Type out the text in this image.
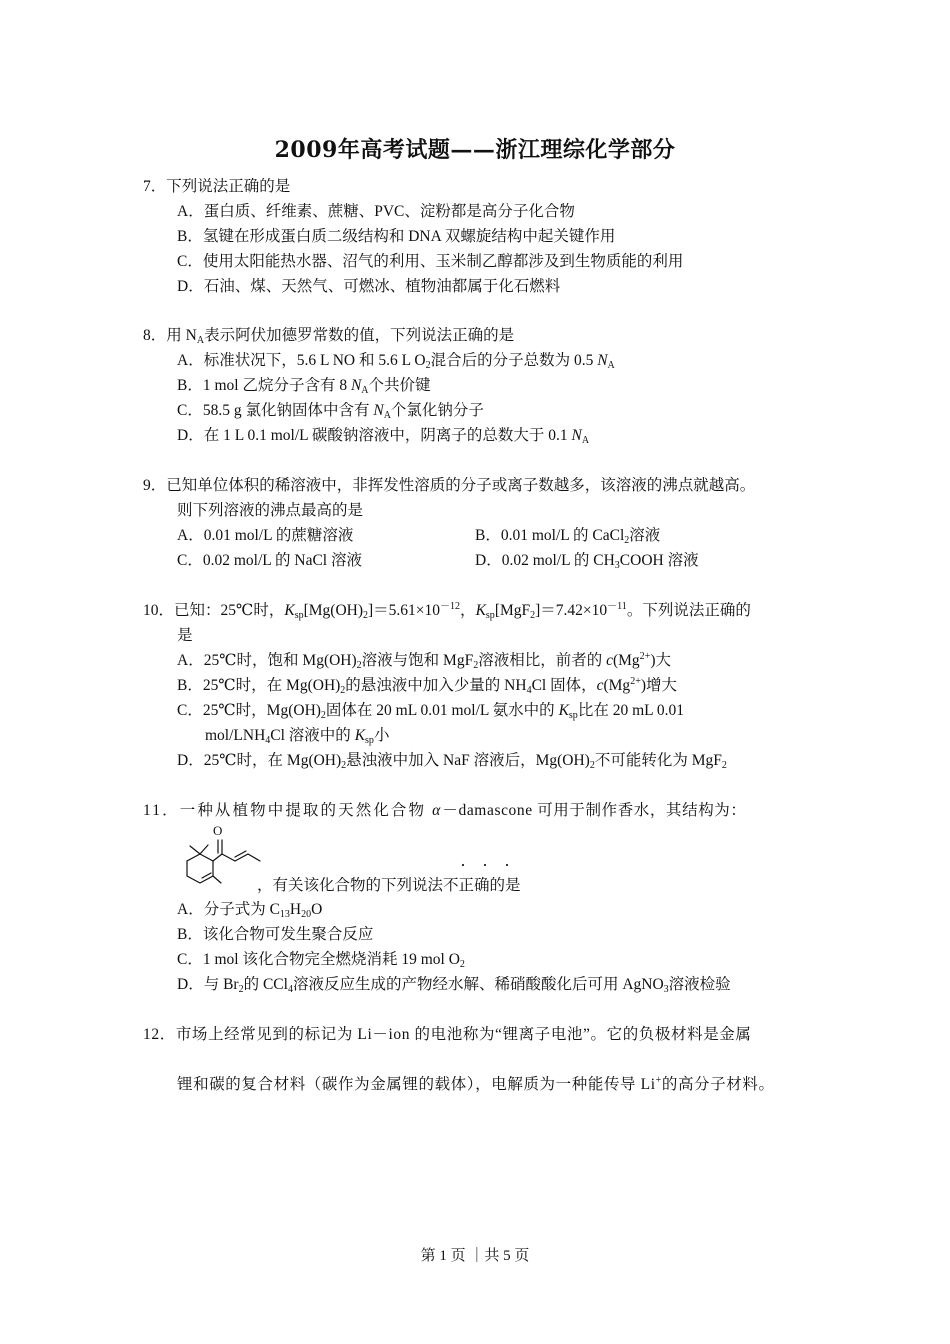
2009年高考试题——浙江理综化学部分
7．下列说法正确的是
A．蛋白质、纤维素、蔗糖、PVC、淀粉都是高分子化合物
B．氢键在形成蛋白质二级结构和 DNA 双螺旋结构中起关键作用
C．使用太阳能热水器、沼气的利用、玉米制乙醇都涉及到生物质能的利用
D．石油、煤、天然气、可燃冰、植物油都属于化石燃料
8．用 $N_A$表示阿伏加德罗常数的值，下列说法正确的是
A．标准状况下，5.6 L NO 和 5.6 L $O_2$混合后的分子总数为 0.5 $N_A$
B．1 mol 乙烷分子含有 8 $N_A$个共价键
C．58.5 g 氯化钠固体中含有 $N_A$个氯化钠分子
D．在 1 L 0.1 mol/L 碳酸钠溶液中，阴离子的总数大于 0.1 $N_A$
9．已知单位体积的稀溶液中，非挥发性溶质的分子或离子数越多，该溶液的沸点就越高。
则下列溶液的沸点最高的是
A．0.01 mol/L 的蔗糖溶液	B．0.01 mol/L 的 CaCl$_2$溶液
C．0.02 mol/L 的 NaCl 溶液	D．0.02 mol/L 的 $CH_3COOH$ 溶液
10．已知：25℃时，$K_{sp}[Mg(OH)_2]=5.61\times 10^{-12}$，$K_{sp}[MgF_2]=7.42\times 10^{-11}$。下列说法正确的
是
A．25℃时，饱和 $Mg(OH)_2$溶液与饱和 MgF$_2$溶液相比，前者的 $c(Mg^{2+})$大
B．25℃时，在 $Mg(OH)_2$的悬浊液中加入少量的 $NH_4Cl$ 固体，$c(Mg^{2+})$增大
C．25℃时，$Mg(OH)_2$固体在 20 mL 0.01 mol/L 氨水中的 $K_{sp}$比在 20 mL 0.01
mol/$LNH_4Cl$ 溶液中的 $K_{sp}$小
D．25℃时，在 $Mg(OH)_2$悬浊液中加入 NaF 溶液后，$Mg(OH)_2$不可能转化为 MgF$_2$
11．一种从植物中提取的天然化合物 α－damascone 可用于制作香水，其结构为：
O
···
，有关该化合物的下列说法不正确的是
A．分子式为 $C_{13}H_{20}O$
B．该化合物可发生聚合反应
C．1 mol 该化合物完全燃烧消耗 19 mol $O_2$
D．与 $Br_2$的 CCl$_4$溶液反应生成的产物经水解、稀硝酸酸化后可用 AgNO$_3$溶液检验
12．市场上经常见到的标记为 Li－ion 的电池称为“锂离子电池”。它的负极材料是金属
锂和碳的复合材料（碳作为金属锂的载体），电解质为一种能传导 Li+的高分子材料。
第 1 页 ｜共 5 页
